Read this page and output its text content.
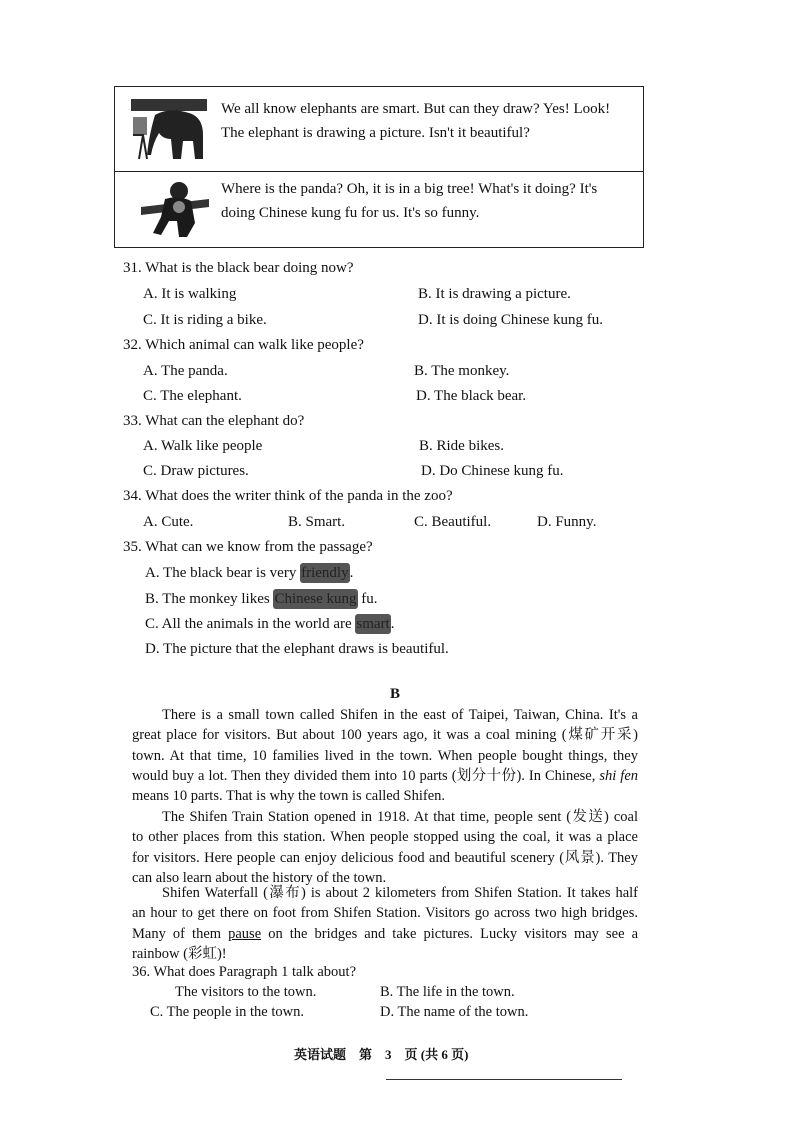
We all know elephants are smart. But can they draw? Yes! Look!
The elephant is drawing a picture. Isn't it beautiful?
Where is the panda? Oh, it is in a big tree! What's it doing? It's
doing Chinese kung fu for us. It's so funny.
31. What is the black bear doing now?
A. It is walking	B. It is drawing a picture.
C. It is riding a bike.	D. It is doing Chinese kung fu.
32. Which animal can walk like people?
A. The panda.	B. The monkey.
C. The elephant.	D. The black bear.
33. What can the elephant do?
A. Walk like people	B. Ride bikes.
C. Draw pictures.	D. Do Chinese kung fu.
34. What does the writer think of the panda in the zoo?
A. Cute.	B. Smart.	C. Beautiful.	D. Funny.
35. What can we know from the passage?
A. The black bear is very friendly.
B. The monkey likes Chinese kung fu.
C. All the animals in the world are smart.
D. The picture that the elephant draws is beautiful.
B
There is a small town called Shifen in the east of Taipei, Taiwan, China. It's a
great place for visitors. But about 100 years ago, it was a coal mining (煤矿开采)
town. At that time, 10 families lived in the town. When people bought things, they
would buy a lot. Then they divided them into 10 parts (划分十份). In Chinese, shi fen
means 10 parts. That is why the town is called Shifen.
The Shifen Train Station opened in 1918. At that time, people sent (发送) coal
to other places from this station. When people stopped using the coal, it was a place
for visitors. Here people can enjoy delicious food and beautiful scenery (风景). They
can also learn about the history of the town.
Shifen Waterfall (瀑布) is about 2 kilometers from Shifen Station. It takes half
an hour to get there on foot from Shifen Station. Visitors go across two high bridges.
Many of them pause on the bridges and take pictures. Lucky visitors may see a
rainbow (彩虹)!
36. What does Paragraph 1 talk about?
The visitors to the town.	B. The life in the town.
C. The people in the town.	D. The name of the town.
英语试题　第　3　页 (共 6 页)
